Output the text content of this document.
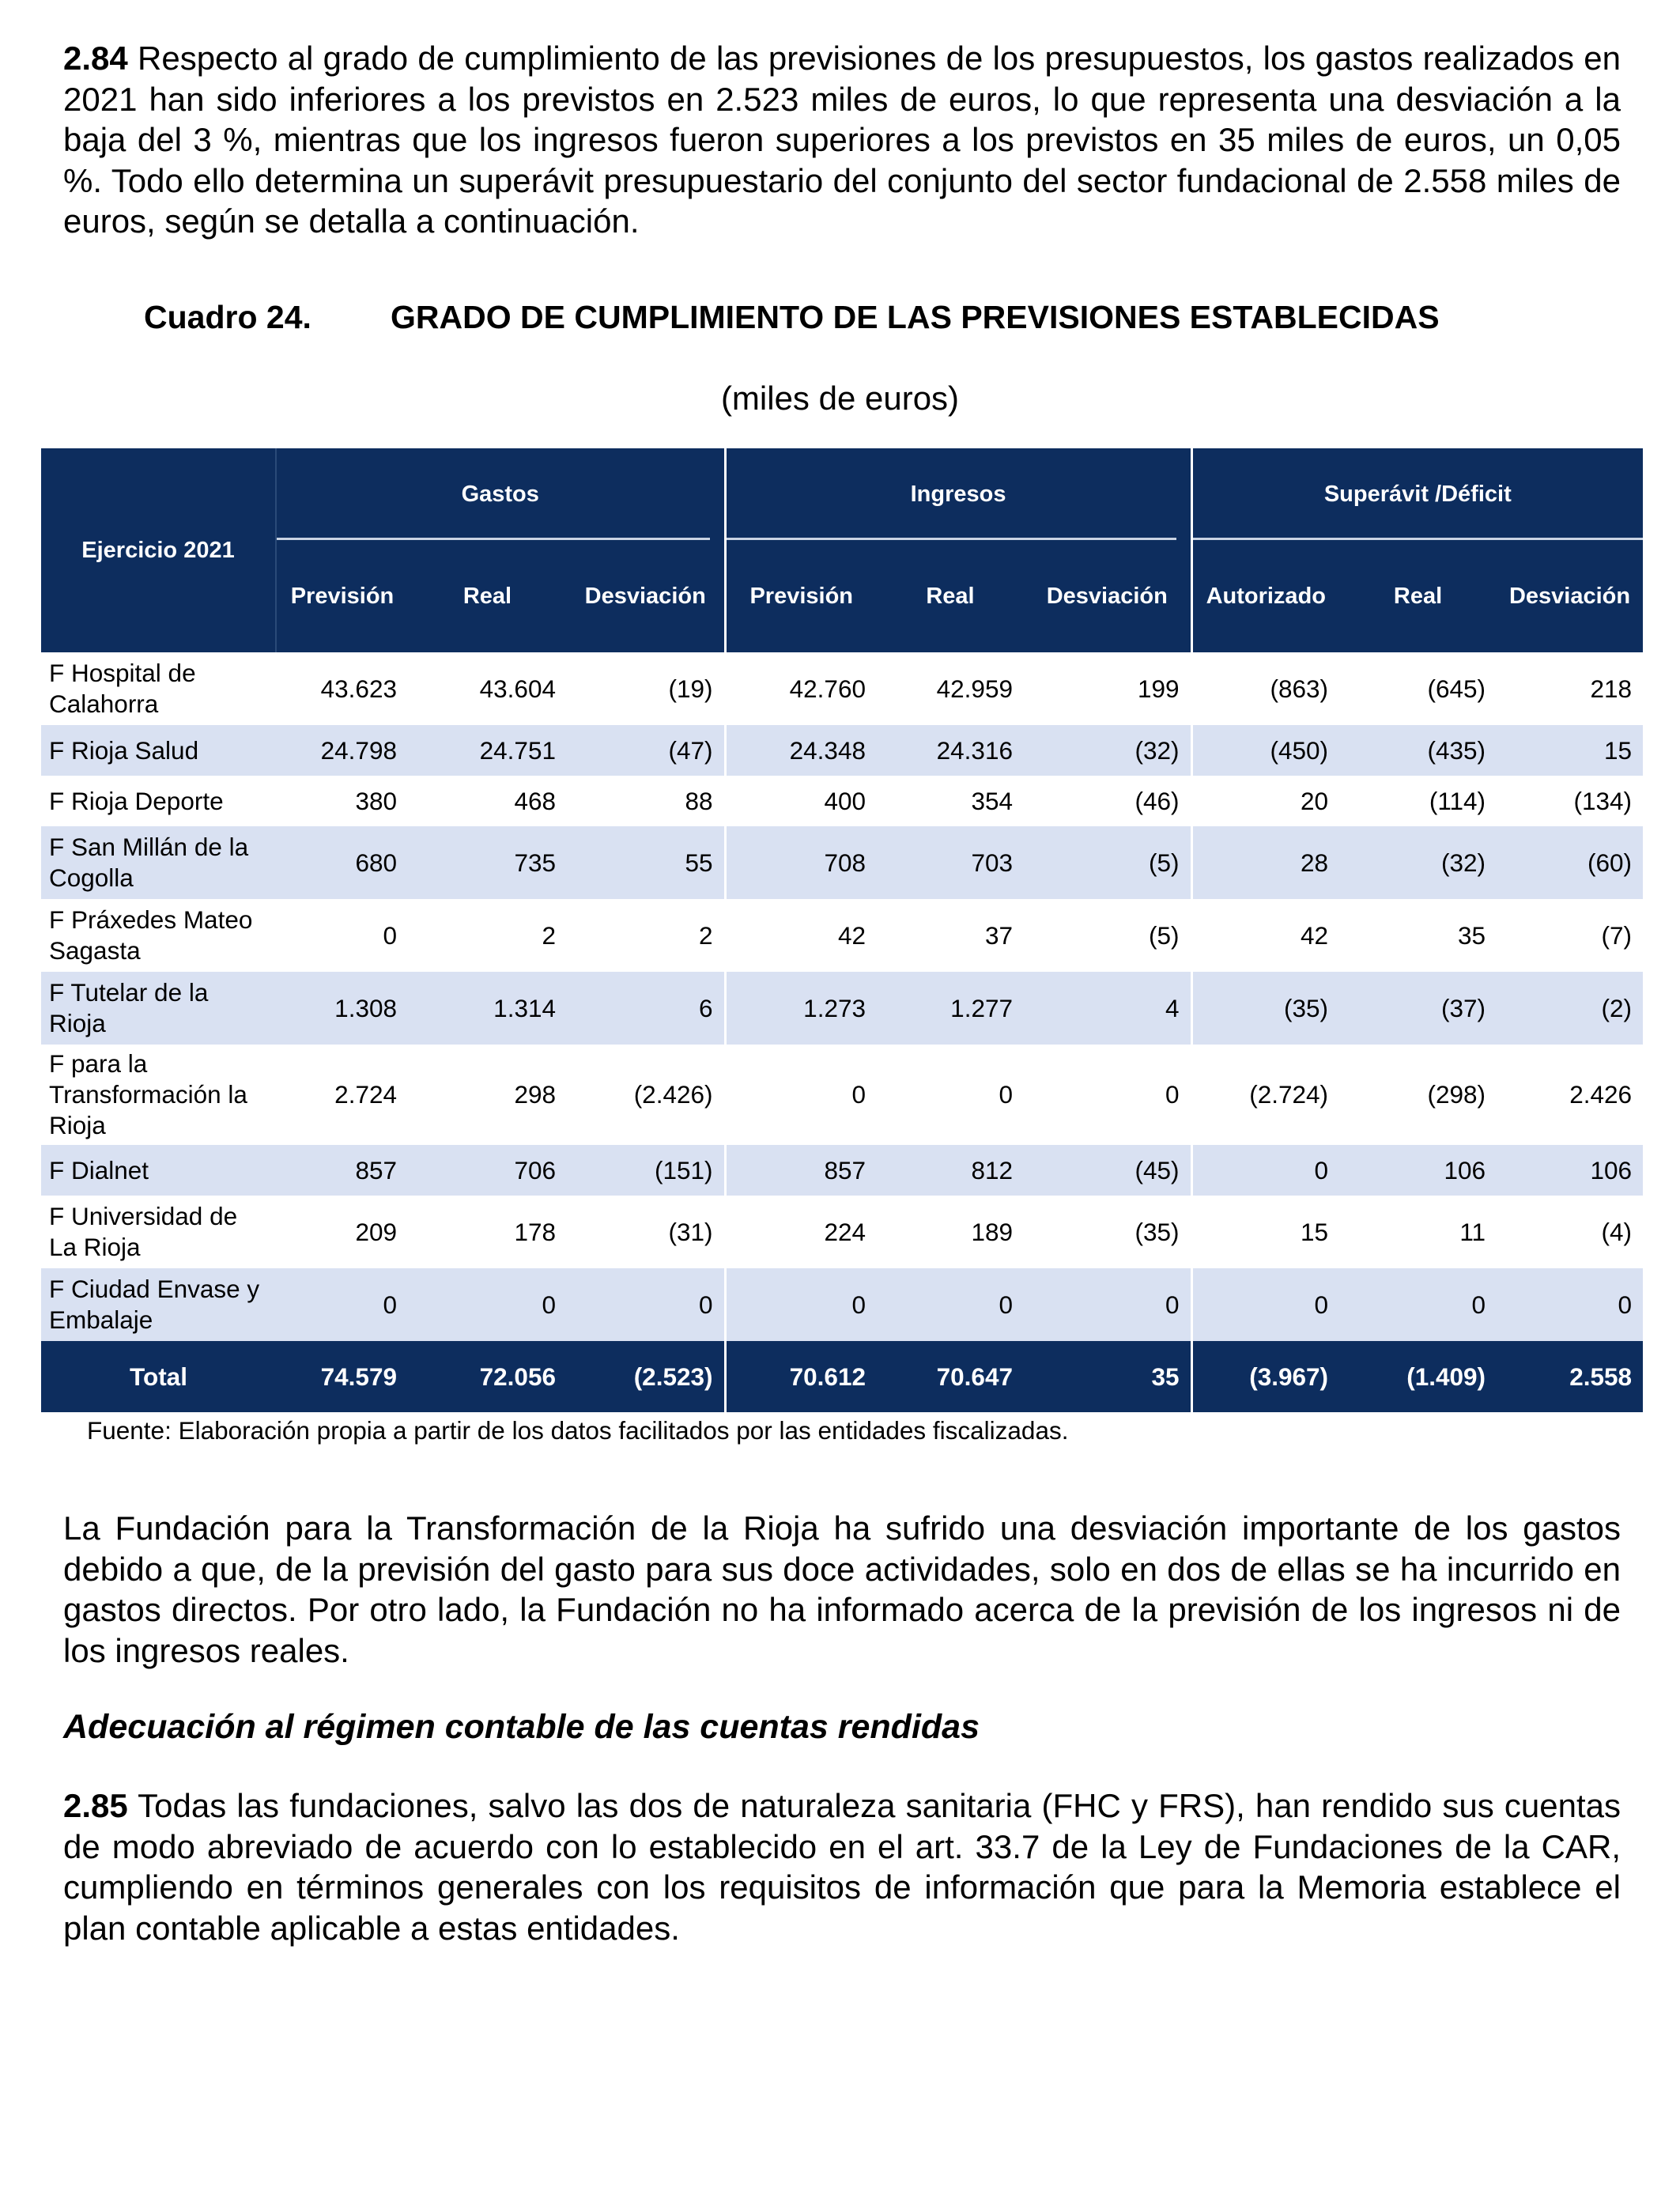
2.84 Respecto al grado de cumplimiento de las previsiones de los presupuestos, los gastos realizados en 2021 han sido inferiores a los previstos en 2.523 miles de euros, lo que representa una desviación a la baja del 3 %, mientras que los ingresos fueron superiores a los previstos en 35 miles de euros, un 0,05 %. Todo ello determina un superávit presupuestario del conjunto del sector fundacional de 2.558 miles de euros, según se detalla a continuación.
Cuadro 24. GRADO DE CUMPLIMIENTO DE LAS PREVISIONES ESTABLECIDAS
(miles de euros)
Ejercicio 2021	Gastos			Ingresos			Superávit /Déficit		

	Previsión	Real	Desviación	Previsión	Real	Desviación	Autorizado	Real	Desviación
F Hospital de Calahorra	43.623	43.604	(19)	42.760	42.959	199	(863)	(645)	218
F Rioja Salud	24.798	24.751	(47)	24.348	24.316	(32)	(450)	(435)	15
F Rioja Deporte	380	468	88	400	354	(46)	20	(114)	(134)
F San Millán de la Cogolla	680	735	55	708	703	(5)	28	(32)	(60)
F Práxedes Mateo Sagasta	0	2	2	42	37	(5)	42	35	(7)
F Tutelar de la Rioja	1.308	1.314	6	1.273	1.277	4	(35)	(37)	(2)
F para la Transformación la Rioja	2.724	298	(2.426)	0	0	0	(2.724)	(298)	2.426
F Dialnet	857	706	(151)	857	812	(45)	0	106	106
F Universidad de La Rioja	209	178	(31)	224	189	(35)	15	11	(4)
F Ciudad Envase y Embalaje	0	0	0	0	0	0	0	0	0
Total	74.579	72.056	(2.523)	70.612	70.647	35	(3.967)	(1.409)	2.558
Fuente: Elaboración propia a partir de los datos facilitados por las entidades fiscalizadas.
La Fundación para la Transformación de la Rioja ha sufrido una desviación importante de los gastos debido a que, de la previsión del gasto para sus doce actividades, solo en dos de ellas se ha incurrido en gastos directos. Por otro lado, la Fundación no ha informado acerca de la previsión de los ingresos ni de los ingresos reales.
Adecuación al régimen contable de las cuentas rendidas
2.85 Todas las fundaciones, salvo las dos de naturaleza sanitaria (FHC y FRS), han rendido sus cuentas de modo abreviado de acuerdo con lo establecido en el art. 33.7 de la Ley de Fundaciones de la CAR, cumpliendo en términos generales con los requisitos de información que para la Memoria establece el plan contable aplicable a estas entidades.
